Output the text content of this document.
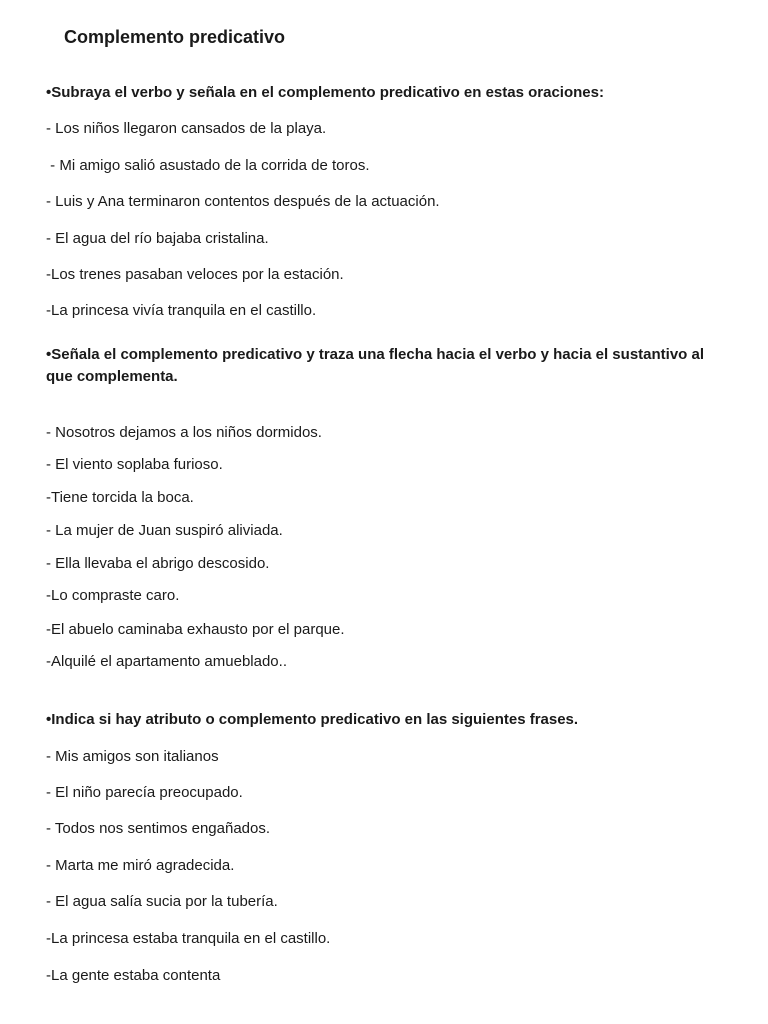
Complemento predicativo
•Subraya el verbo y señala en el complemento predicativo en estas oraciones:
- Los niños llegaron cansados de la playa.
- Mi amigo salió asustado de la corrida de toros.
- Luis y Ana terminaron contentos después de la actuación.
- El agua del río bajaba cristalina.
-Los trenes pasaban veloces por la estación.
-La princesa vivía tranquila en el castillo.
•Señala el complemento predicativo y traza una flecha hacia el verbo y hacia el sustantivo al que complementa.
- Nosotros dejamos a los niños dormidos.
- El viento soplaba furioso.
-Tiene torcida la boca.
- La mujer de Juan suspiró aliviada.
- Ella llevaba el abrigo descosido.
-Lo compraste caro.
-El abuelo caminaba exhausto por el parque.
-Alquilé el apartamento amueblado..
•Indica si hay atributo o complemento predicativo en las siguientes frases.
- Mis amigos son italianos
- El niño parecía preocupado.
- Todos nos sentimos engañados.
- Marta me miró agradecida.
- El agua salía sucia por la tubería.
-La princesa estaba tranquila en el castillo.
-La gente estaba contenta
